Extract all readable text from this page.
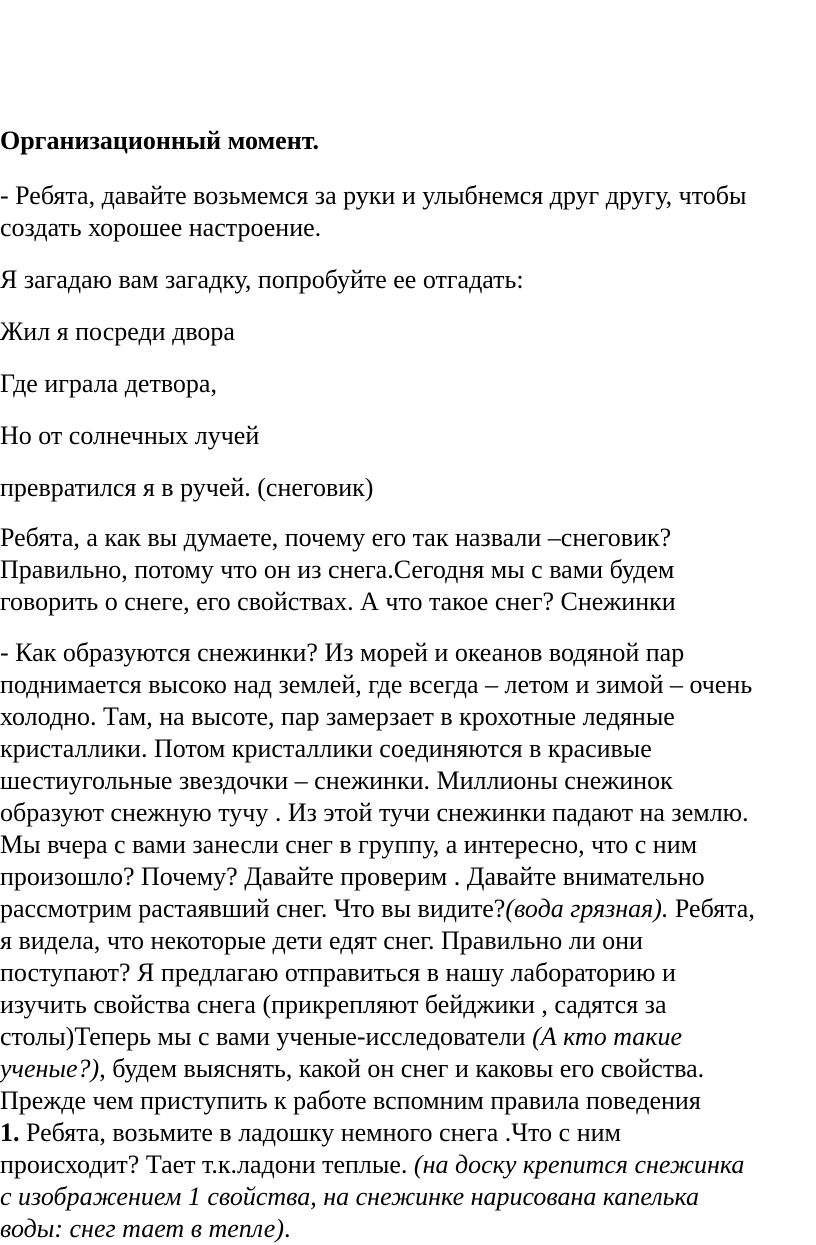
Организационный момент.

- Ребята, давайте возьмемся за руки и улыбнемся друг другу, чтобы
создать хорошее настроение.

Я загадаю вам загадку, попробуйте ее отгадать:

Жил я посреди двора

Где играла детвора,

Но от солнечных лучей

превратился я в ручей. (снеговик)

Ребята, а как вы думаете, почему его так назвали –снеговик?
Правильно, потому что он из снега.Сегодня мы с вами будем
говорить о снеге, его свойствах. А что такое снег? Снежинки

- Как образуются снежинки? Из морей и океанов водяной пар
поднимается высоко над землей, где всегда – летом и зимой – очень
холодно. Там, на высоте, пар замерзает в крохотные ледяные
кристаллики. Потом кристаллики соединяются в красивые
шестиугольные звездочки – снежинки. Миллионы снежинок
образуют снежную тучу . Из этой тучи снежинки падают на землю.
Мы вчера с вами занесли снег в группу, а интересно, что с ним
произошло? Почему? Давайте проверим . Давайте внимательно
рассмотрим растаявший снег. Что вы видите?(вода грязная). Ребята,
я видела, что некоторые дети едят снег. Правильно ли они
поступают? Я предлагаю отправиться в нашу лабораторию и
изучить свойства снега (прикрепляют бейджики , садятся за
столы)Теперь мы с вами ученые-исследователи (А кто такие
ученые?), будем выяснять, какой он снег и каковы его свойства.
Прежде чем приступить к работе вспомним правила поведения
1. Ребята, возьмите в ладошку немного снега .Что с ним
происходит? Тает т.к.ладони теплые. (на доску крепится снежинка
с изображением 1 свойства, на снежинке нарисована капелька
воды: снег тает в тепле).
